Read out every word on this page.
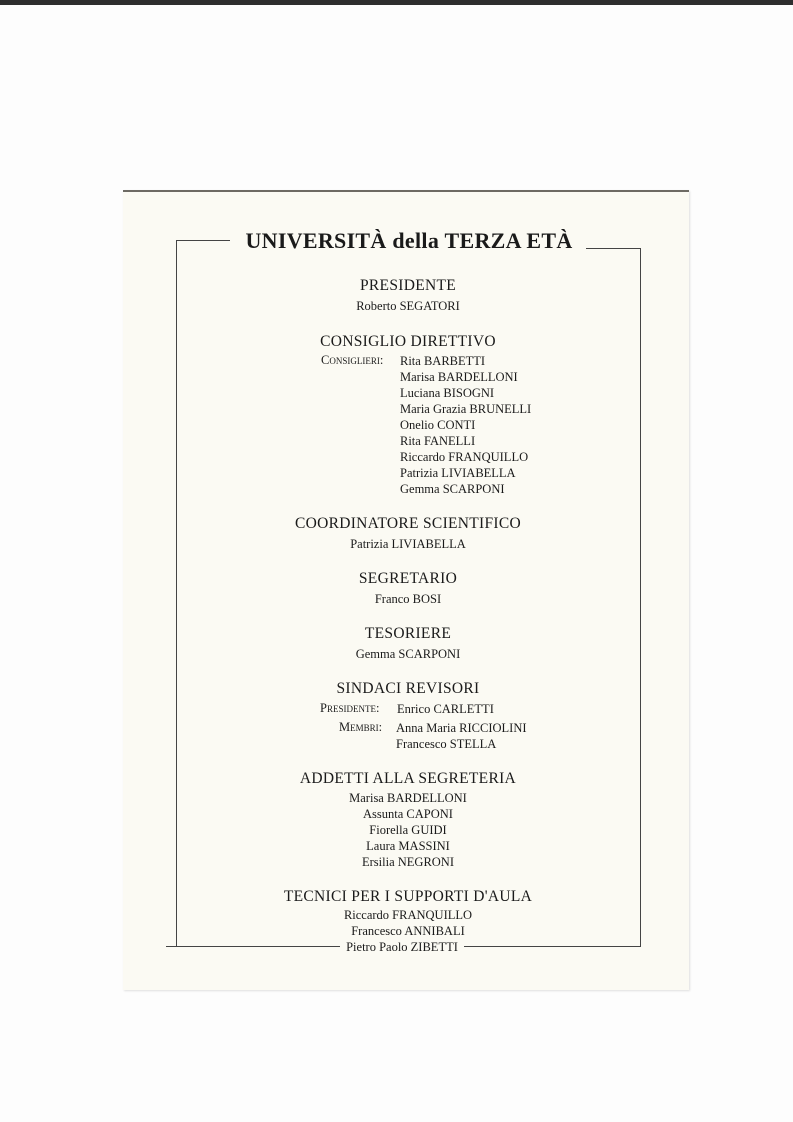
UNIVERSITÀ della TERZA ETÀ
PRESIDENTE
Roberto SEGATORI
CONSIGLIO DIRETTIVO
Consiglieri: Rita BARBETTI
Marisa BARDELLONI
Luciana BISOGNI
Maria Grazia BRUNELLI
Onelio CONTI
Rita FANELLI
Riccardo FRANQUILLO
Patrizia LIVIABELLA
Gemma SCARPONI
COORDINATORE SCIENTIFICO
Patrizia LIVIABELLA
SEGRETARIO
Franco BOSI
TESORIERE
Gemma SCARPONI
SINDACI REVISORI
Presidente: Enrico CARLETTI
Membri: Anna Maria RICCIOLINI
Francesco STELLA
ADDETTI ALLA SEGRETERIA
Marisa BARDELLONI
Assunta CAPONI
Fiorella GUIDI
Laura MASSINI
Ersilia NEGRONI
TECNICI PER I SUPPORTI D'AULA
Riccardo FRANQUILLO
Francesco ANNIBALI
Pietro Paolo ZIBETTI
